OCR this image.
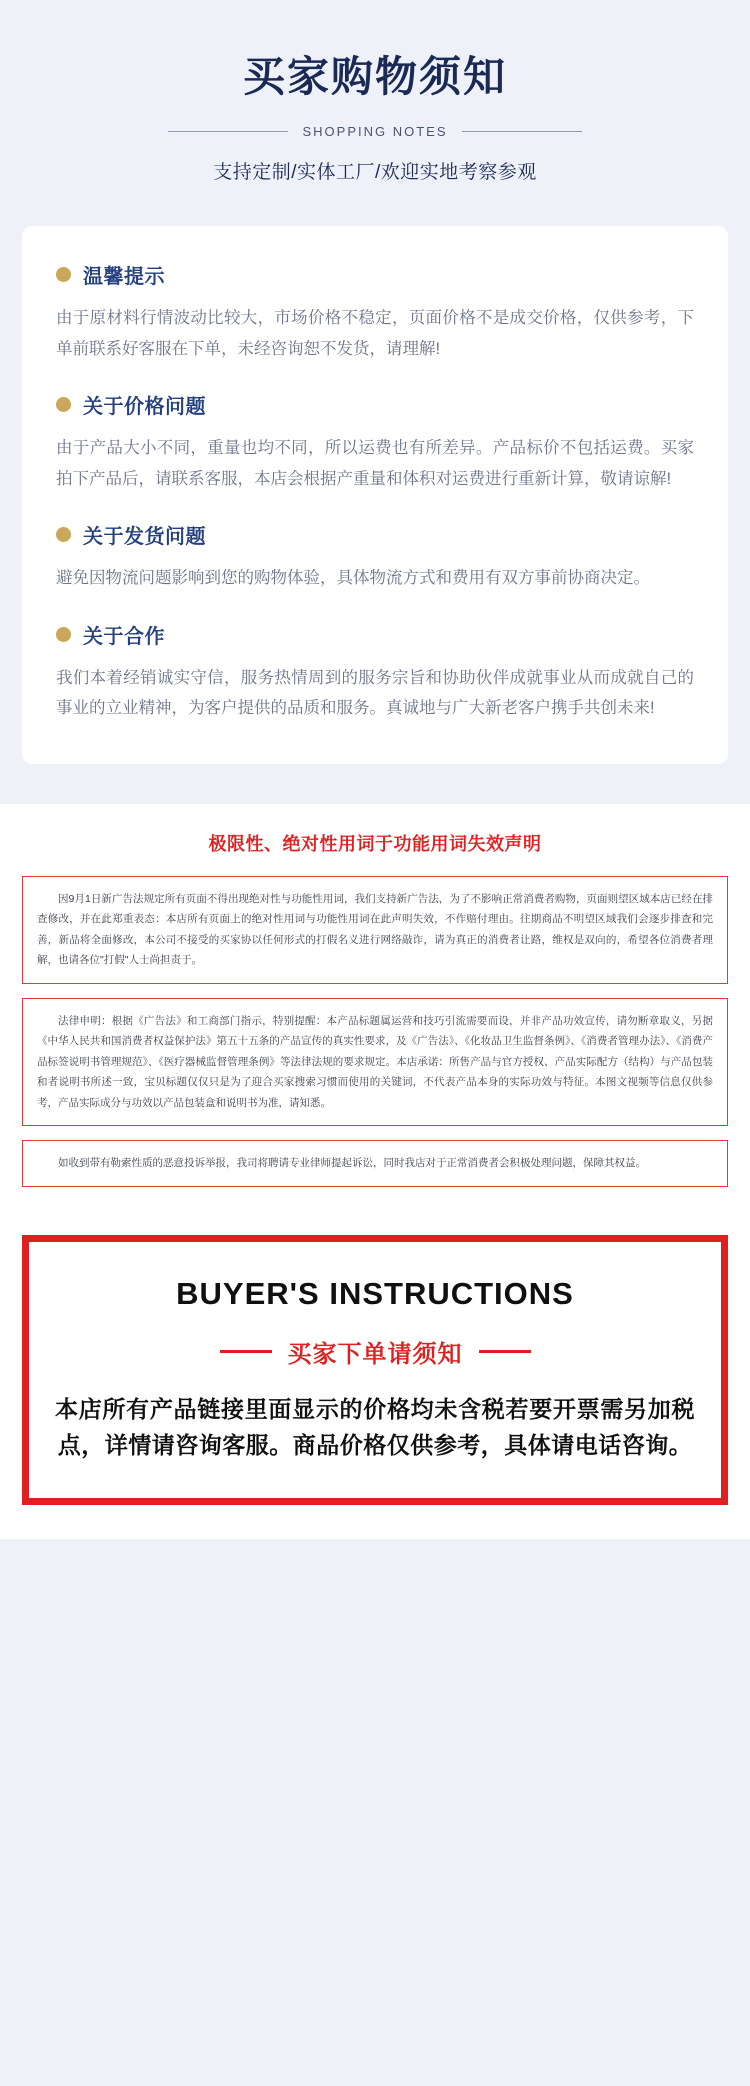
买家购物须知
SHOPPING NOTES
支持定制/实体工厂/欢迎实地考察参观
温馨提示

由于原材料行情波动比较大，市场价格不稳定，页面价格不是成交价格，仅供参考，下单前联系好客服在下单，未经咨询恕不发货，请理解!

关于价格问题

由于产品大小不同，重量也均不同，所以运费也有所差异。产品标价不包括运费。买家拍下产品后，请联系客服，本店会根据产重量和体积对运费进行重新计算，敬请谅解!

关于发货问题

避免因物流问题影响到您的购物体验，具体物流方式和费用有双方事前协商决定。

关于合作

我们本着经销诚实守信，服务热情周到的服务宗旨和协助伙伴成就事业从而成就自己的事业的立业精神，为客户提供的品质和服务。真诚地与广大新老客户携手共创未来!

极限性、绝对性用词于功能用词失效声明

因9月1日新广告法规定所有页面不得出现绝对性与功能性用词，我们支持新广告法，为了不影响正常消费者购物，页面则望区域本店已经在排查修改，并在此郑重表态：本店所有页面上的绝对性用词与功能性用词在此声明失效，不作赔付理由。往期商品不明望区域我们会逐步排查和完善，新品将全面修改，本公司不接受的买家协以任何形式的打假名义进行网络敲诈，请为真正的消费者让路，维权是双向的，希望各位消费者理解，也请各位"打假"人士尚担责于。

法律申明：根据《广告法》和工商部门指示，特别提醒：本产品标题属运营和技巧引流需要而设，并非产品功效宣传，请勿断章取义，另据《中华人民共和国消费者权益保护法》第五十五条的产品宣传的真实性要求，及《广告法》、《化妆品卫生监督条例》、《消费者管理办法》、《消费产品标签说明书管理规范》、《医疗器械监督管理条例》等法律法规的要求规定。本店承诺：所售产品与官方授权、产品实际配方（结构）与产品包装和者说明书所述一致，宝贝标题仅仅只是为了迎合买家搜索习惯而使用的关键词，不代表产品本身的实际功效与特征。本图文视频等信息仅供参考，产品实际成分与功效以产品包装盒和说明书为准，请知悉。

如收到带有勒索性质的恶意投诉举报，我司将聘请专业律师提起诉讼，同时我店对于正常消费者会积极处理问题，保障其权益。

BUYER'S INSTRUCTIONS
买家下单请须知

本店所有产品链接里面显示的价格均未含税若要开票需另加税点，详情请咨询客服。商品价格仅供参考，具体请电话咨询。
